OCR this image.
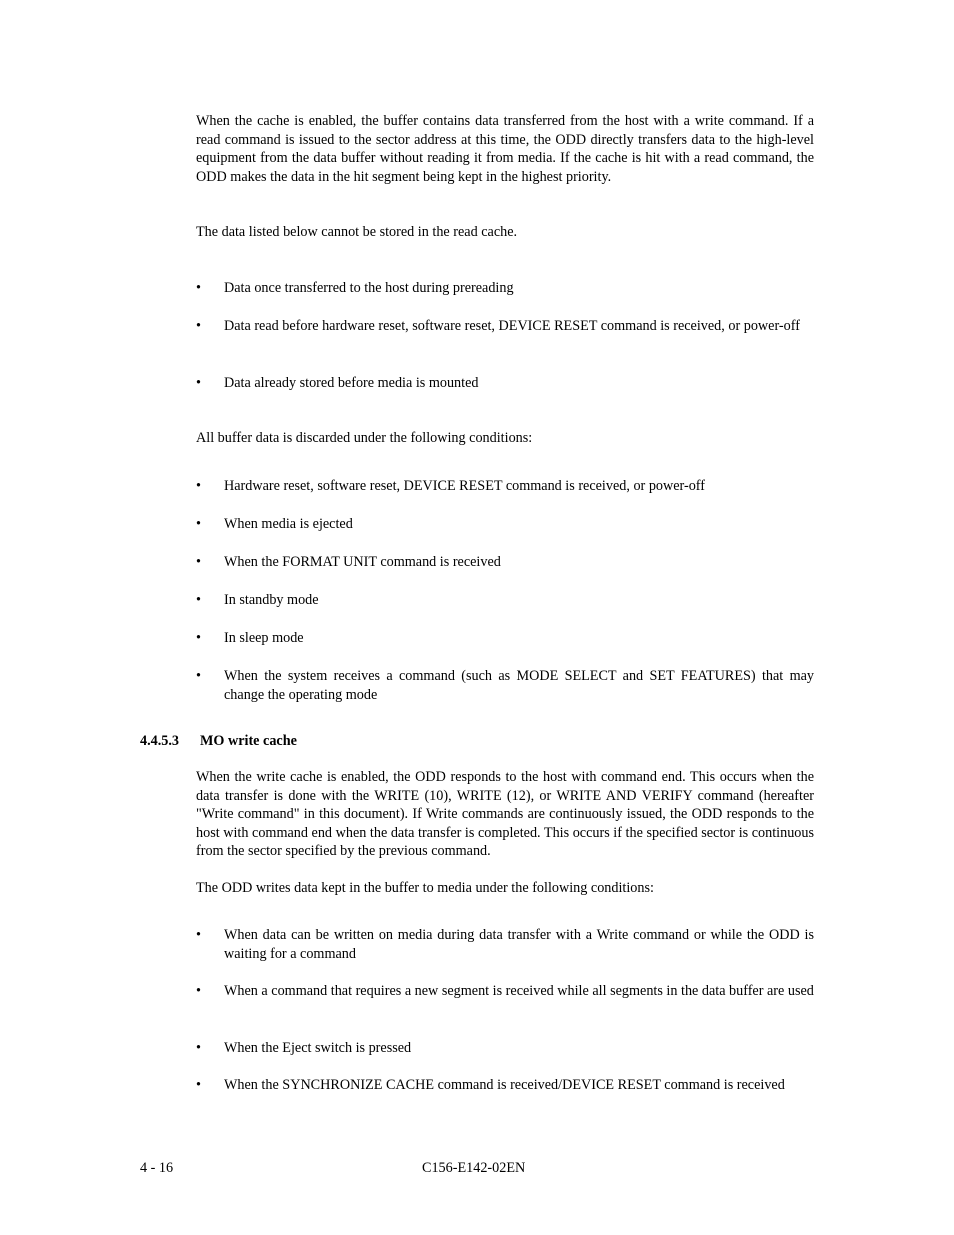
When the cache is enabled, the buffer contains data transferred from the host with a write command. If a read command is issued to the sector address at this time, the ODD directly transfers data to the high-level equipment from the data buffer without reading it from media. If the cache is hit with a read command, the ODD makes the data in the hit segment being kept in the highest priority.

The data listed below cannot be stored in the read cache.

•	Data once transferred to the host during prereading
•	Data read before hardware reset, software reset, DEVICE RESET command is received, or power-off
•	Data already stored before media is mounted

All buffer data is discarded under the following conditions:

•	Hardware reset, software reset, DEVICE RESET command is received, or power-off
•	When media is ejected
•	When the FORMAT UNIT command is received
•	In standby mode
•	In sleep mode
•	When the system receives a command (such as MODE SELECT and SET FEATURES) that may change the operating mode

4.4.5.3 MO write cache

When the write cache is enabled, the ODD responds to the host with command end. This occurs when the data transfer is done with the WRITE (10), WRITE (12), or WRITE AND VERIFY command (hereafter "Write command" in this document). If Write commands are continuously issued, the ODD responds to the host with command end when the data transfer is completed. This occurs if the specified sector is continuous from the sector specified by the previous command.

The ODD writes data kept in the buffer to media under the following conditions:

•	When data can be written on media during data transfer with a Write command or while the ODD is waiting for a command
•	When a command that requires a new segment is received while all segments in the data buffer are used
•	When the Eject switch is pressed
•	When the SYNCHRONIZE CACHE command is received/DEVICE RESET command is received

4 - 16	C156-E142-02EN
